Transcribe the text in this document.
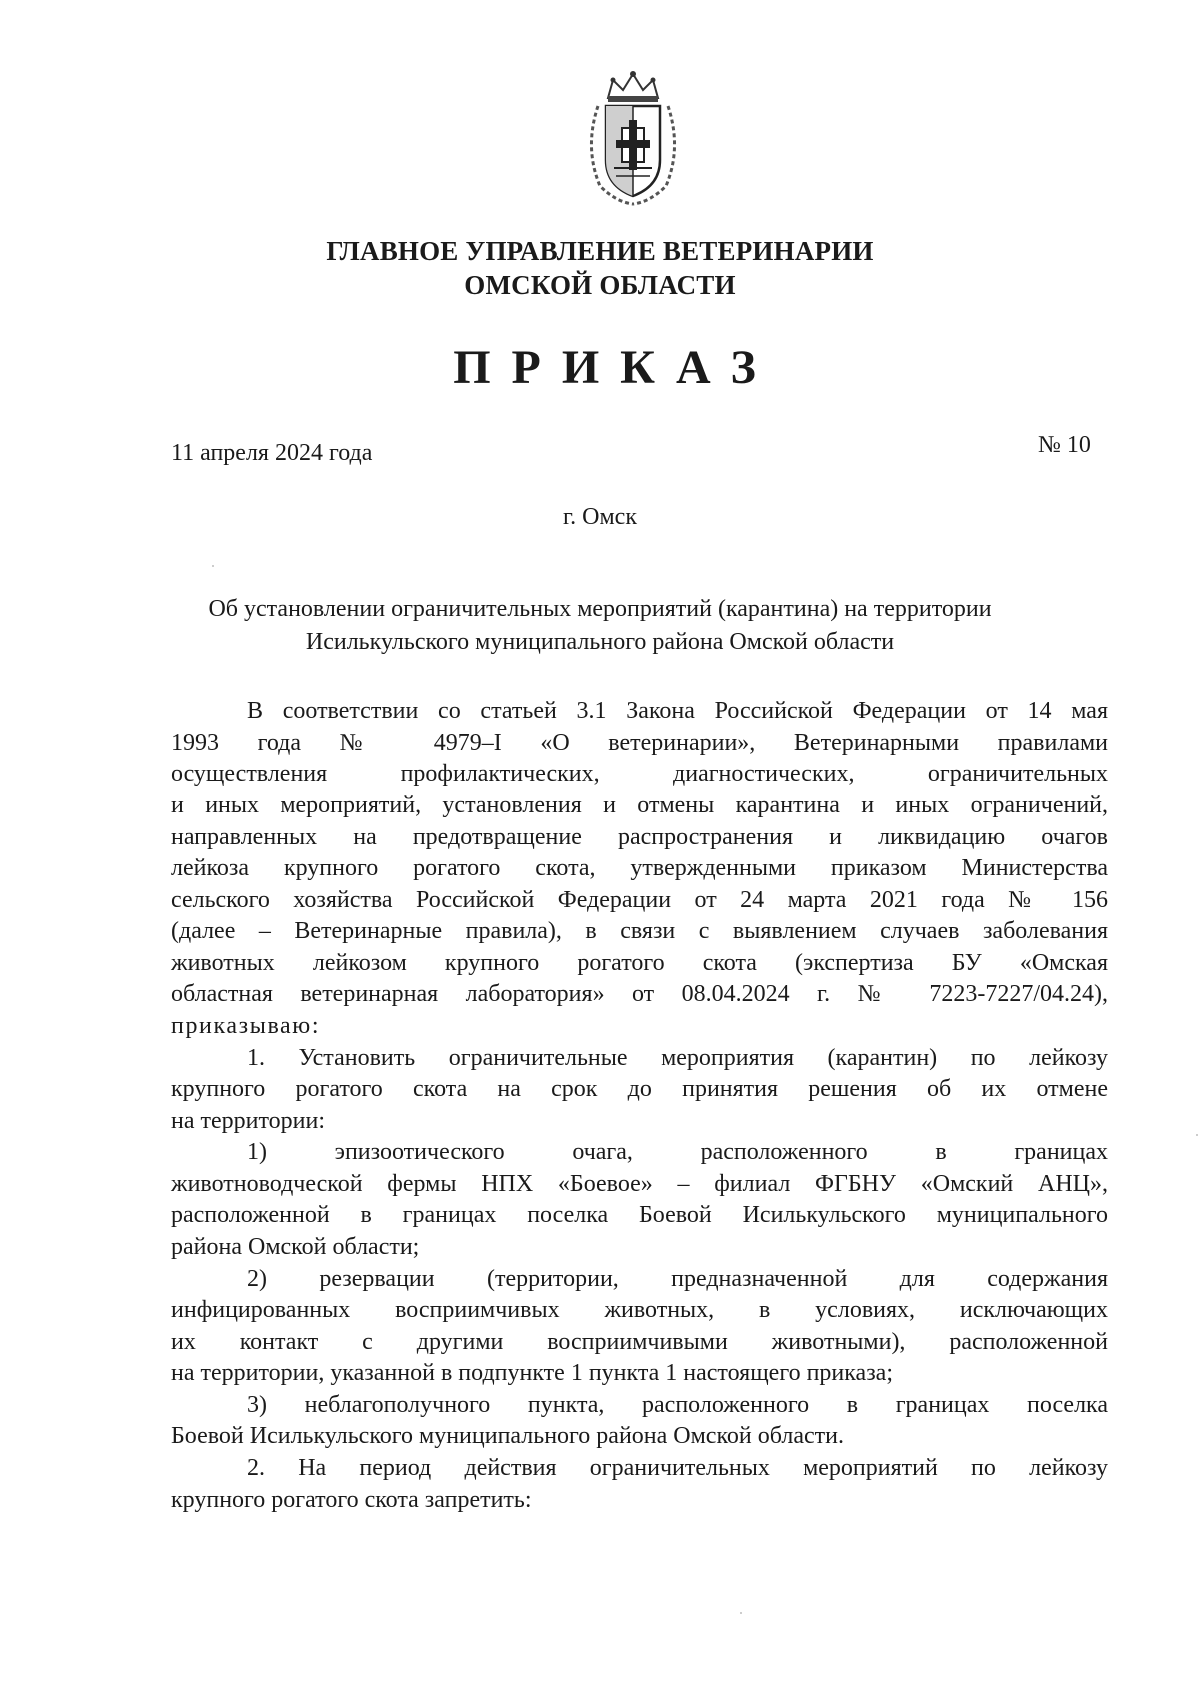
ГЛАВНОЕ УПРАВЛЕНИЕ ВЕТЕРИНАРИИ
ОМСКОЙ ОБЛАСТИ
ПРИКАЗ
11 апреля 2024 года	№ 10
г. Омск
Об установлении ограничительных мероприятий (карантина) на территории
Исилькульского муниципального района Омской области
В соответствии со статьей 3.1 Закона Российской Федерации от 14 мая
1993 года № 4979–I «О ветеринарии», Ветеринарными правилами
осуществления профилактических, диагностических, ограничительных
и иных мероприятий, установления и отмены карантина и иных ограничений,
направленных на предотвращение распространения и ликвидацию очагов
лейкоза крупного рогатого скота, утвержденными приказом Министерства
сельского хозяйства Российской Федерации от 24 марта 2021 года № 156
(далее – Ветеринарные правила), в связи с выявлением случаев заболевания
животных лейкозом крупного рогатого скота (экспертиза БУ «Омская
областная ветеринарная лаборатория» от 08.04.2024 г. № 7223-7227/04.24),
приказываю:
1. Установить ограничительные мероприятия (карантин) по лейкозу
крупного рогатого скота на срок до принятия решения об их отмене
на территории:
1) эпизоотического очага, расположенного в границах
животноводческой фермы НПХ «Боевое» – филиал ФГБНУ «Омский АНЦ»,
расположенной в границах поселка Боевой Исилькульского муниципального
района Омской области;
2) резервации (территории, предназначенной для содержания
инфицированных восприимчивых животных, в условиях, исключающих
их контакт с другими восприимчивыми животными), расположенной
на территории, указанной в подпункте 1 пункта 1 настоящего приказа;
3) неблагополучного пункта, расположенного в границах поселка
Боевой Исилькульского муниципального района Омской области.
2. На период действия ограничительных мероприятий по лейкозу
крупного рогатого скота запретить:
